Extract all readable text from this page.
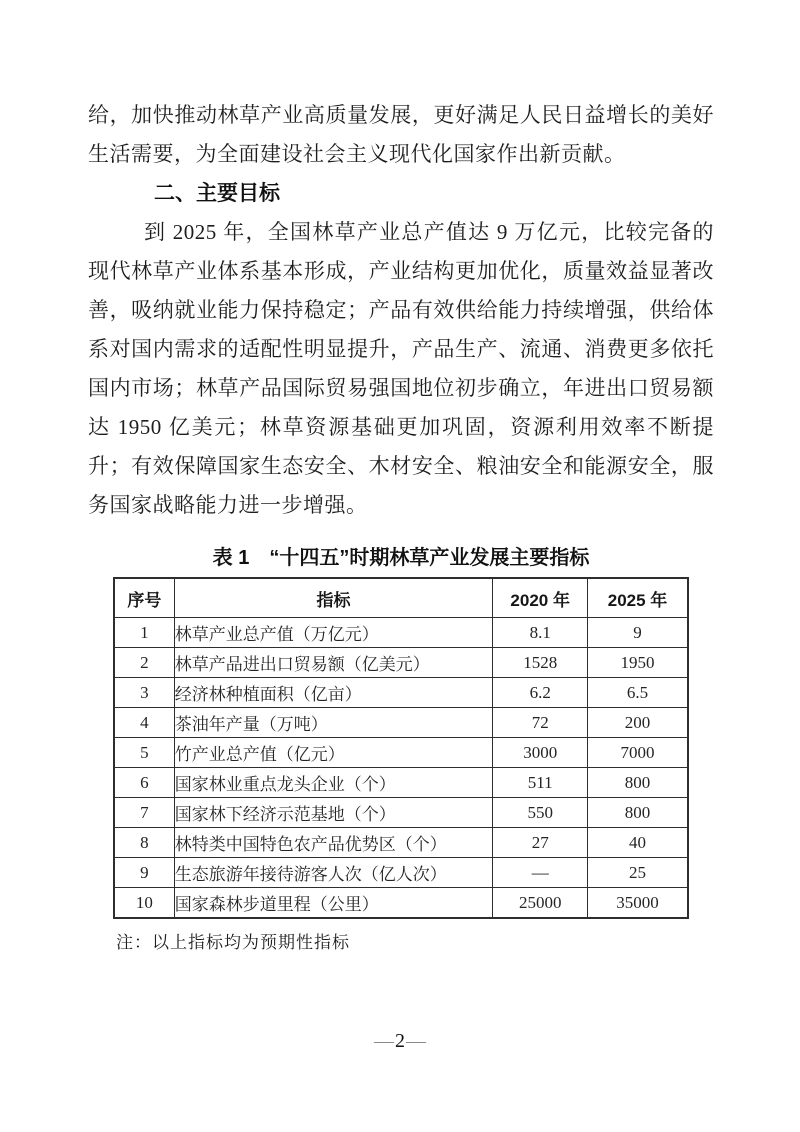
给，加快推动林草产业高质量发展，更好满足人民日益增长的美好生活需要，为全面建设社会主义现代化国家作出新贡献。

二、主要目标

到 2025 年，全国林草产业总产值达 9 万亿元，比较完备的现代林草产业体系基本形成，产业结构更加优化，质量效益显著改善，吸纳就业能力保持稳定；产品有效供给能力持续增强，供给体系对国内需求的适配性明显提升，产品生产、流通、消费更多依托国内市场；林草产品国际贸易强国地位初步确立，年进出口贸易额达 1950 亿美元；林草资源基础更加巩固，资源利用效率不断提升；有效保障国家生态安全、木材安全、粮油安全和能源安全，服务国家战略能力进一步增强。

表 1　“十四五”时期林草产业发展主要指标
序号	指标	2020 年	2025 年
1	林草产业总产值（万亿元）	8.1	9
2	林草产品进出口贸易额（亿美元）	1528	1950
3	经济林种植面积（亿亩）	6.2	6.5
4	茶油年产量（万吨）	72	200
5	竹产业总产值（亿元）	3000	7000
6	国家林业重点龙头企业（个）	511	800
7	国家林下经济示范基地（个）	550	800
8	林特类中国特色农产品优势区（个）	27	40
9	生态旅游年接待游客人次（亿人次）	—	25
10	国家森林步道里程（公里）	25000	35000
注：以上指标均为预期性指标
—2—
